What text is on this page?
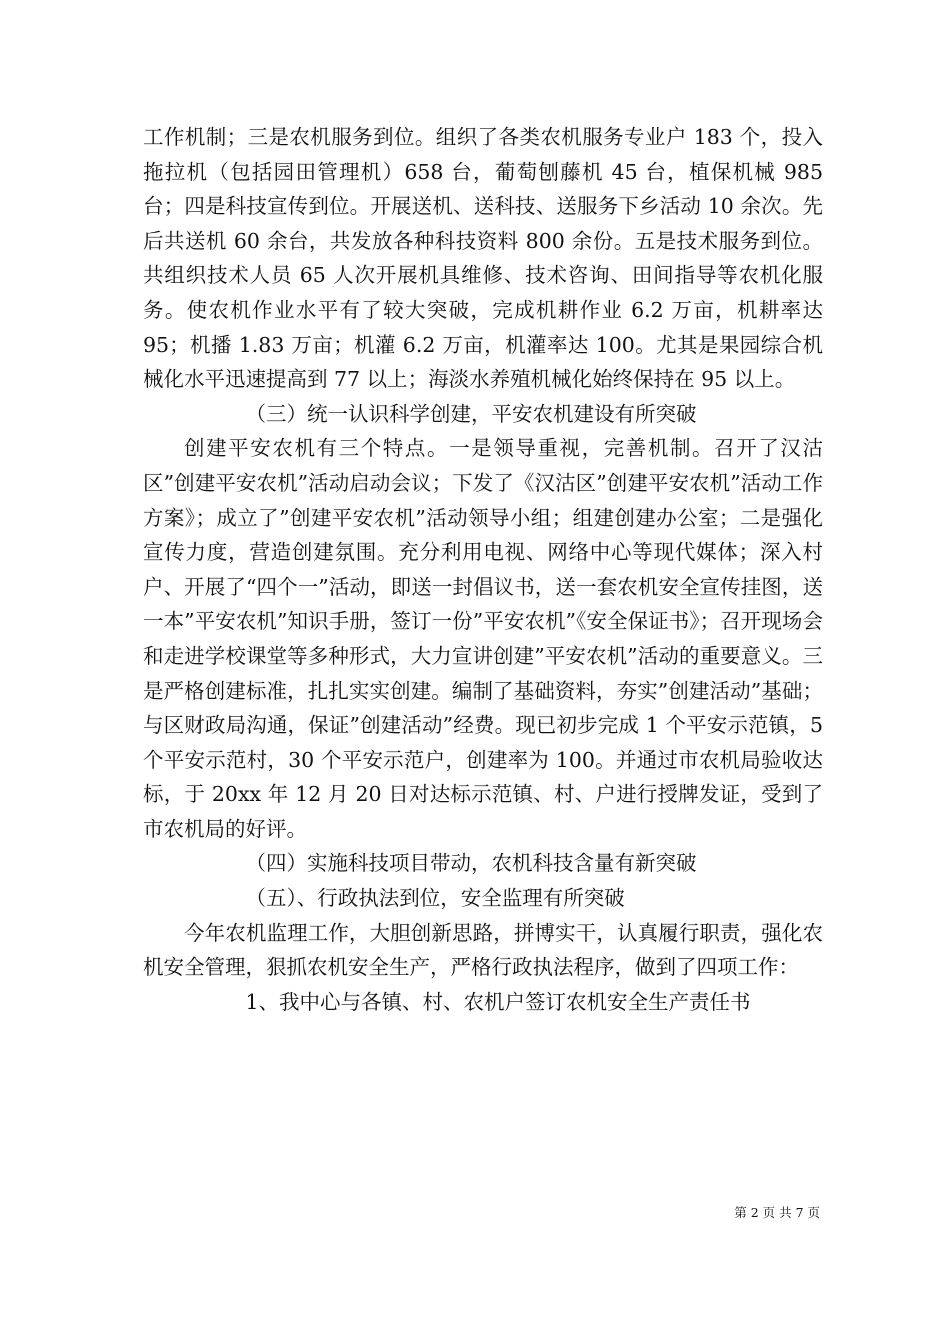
工作机制；三是农机服务到位。组织了各类农机服务专业户 183 个，投入拖拉机（包括园田管理机）658 台，葡萄刨藤机 45 台，植保机械 985 台；四是科技宣传到位。开展送机、送科技、送服务下乡活动 10 余次。先后共送机 60 余台，共发放各种科技资料 800 余份。五是技术服务到位。共组织技术人员 65 人次开展机具维修、技术咨询、田间指导等农机化服务。使农机作业水平有了较大突破，完成机耕作业 6.2 万亩，机耕率达 95；机播 1.83 万亩；机灌 6.2 万亩，机灌率达 100。尤其是果园综合机械化水平迅速提高到 77 以上；海淡水养殖机械化始终保持在 95 以上。

（三）统一认识科学创建，平安农机建设有所突破

创建平安农机有三个特点。一是领导重视，完善机制。召开了汉沽区”创建平安农机”活动启动会议；下发了《汉沽区”创建平安农机”活动工作方案》；成立了”创建平安农机”活动领导小组；组建创建办公室；二是强化宣传力度，营造创建氛围。充分利用电视、网络中心等现代媒体；深入村户、开展了“四个一”活动，即送一封倡议书，送一套农机安全宣传挂图，送一本”平安农机”知识手册，签订一份”平安农机”《安全保证书》；召开现场会和走进学校课堂等多种形式，大力宣讲创建”平安农机”活动的重要意义。三是严格创建标准，扎扎实实创建。编制了基础资料，夯实”创建活动”基础；与区财政局沟通，保证”创建活动”经费。现已初步完成 1 个平安示范镇，5 个平安示范村，30 个平安示范户，创建率为 100。并通过市农机局验收达标，于 20xx 年 12 月 20 日对达标示范镇、村、户进行授牌发证，受到了市农机局的好评。

（四）实施科技项目带动，农机科技含量有新突破

（五）、行政执法到位，安全监理有所突破

今年农机监理工作，大胆创新思路，拼博实干，认真履行职责，强化农机安全管理，狠抓农机安全生产，严格行政执法程序，做到了四项工作：

1、我中心与各镇、村、农机户签订农机安全生产责任书

第 2 页 共 7 页
